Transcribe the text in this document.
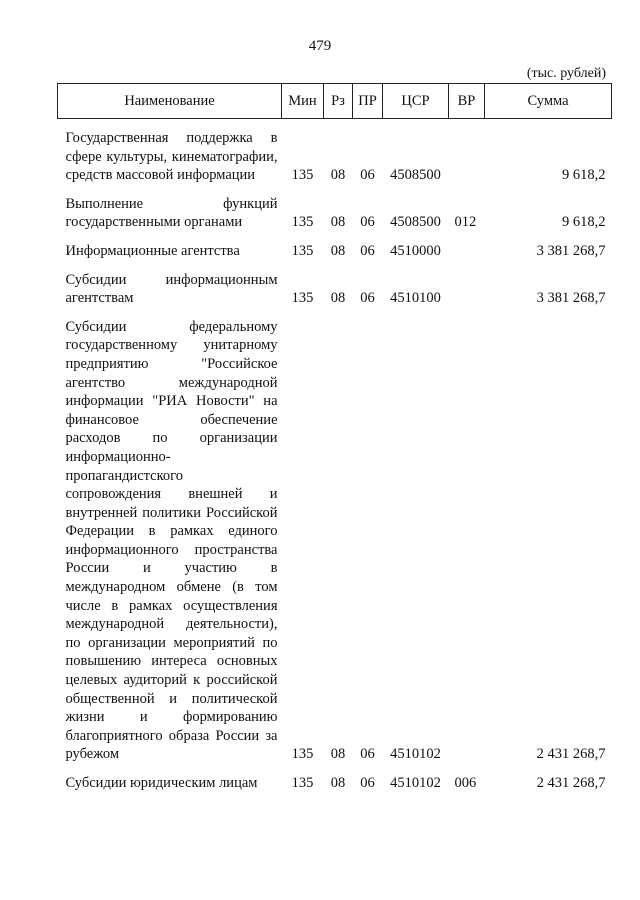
479
(тыс. рублей)
Наименование	Мин	Рз	ПР	ЦСР	ВР	Сумма

Государственная поддержка в сфере культуры, кинематографии, средств массовой информации	135	08	06	4508500		9 618,2

Выполнение функций государственными органами	135	08	06	4508500	012	9 618,2

Информационные агентства	135	08	06	4510000		3 381 268,7

Субсидии информационным агентствам	135	08	06	4510100		3 381 268,7

Субсидии федеральному государственному унитарному предприятию "Российское агентство международной информации "РИА Новости" на финансовое обеспечение расходов по организации информационно-пропагандистского сопровождения внешней и внутренней политики Российской Федерации в рамках единого информационного пространства России и участию в международном обмене (в том числе в рамках осуществления международной деятельности), по организации мероприятий по повышению интереса основных целевых аудиторий к российской общественной и политической жизни и формированию благоприятного образа России за рубежом	135	08	06	4510102		2 431 268,7

Субсидии юридическим лицам	135	08	06	4510102	006	2 431 268,7
